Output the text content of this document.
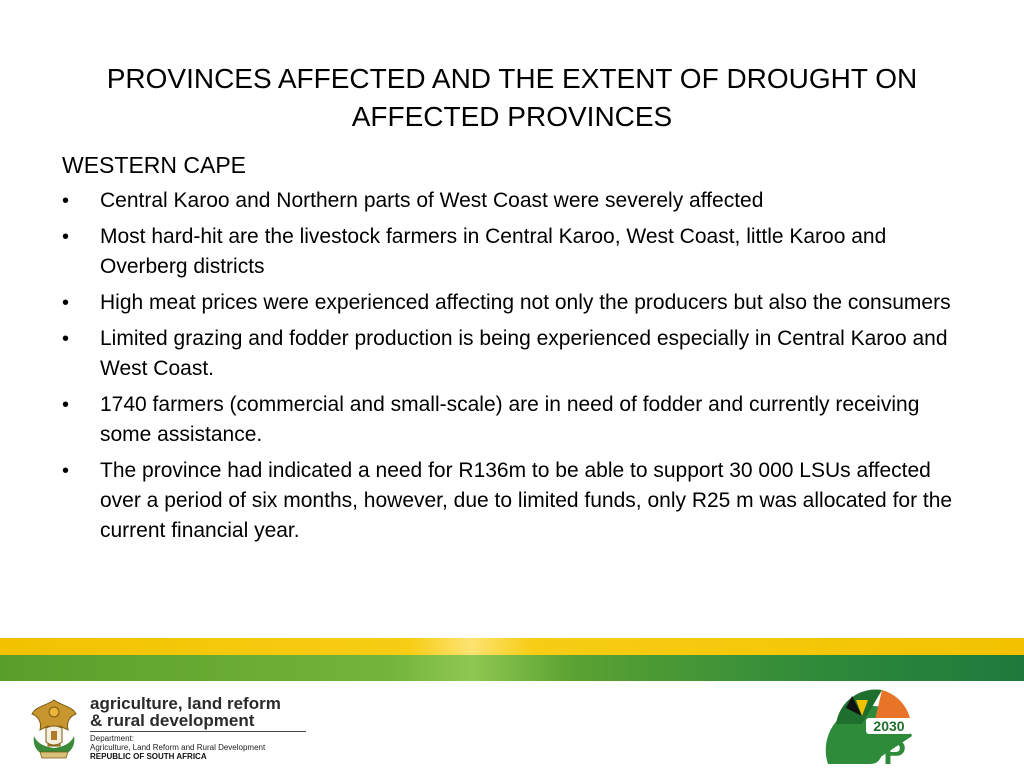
PROVINCES AFFECTED AND THE EXTENT OF DROUGHT ON AFFECTED PROVINCES
WESTERN CAPE
• Central Karoo and Northern parts of West Coast were severely affected
• Most hard-hit are the livestock farmers in Central Karoo, West Coast, little Karoo and Overberg districts
• High meat prices were experienced affecting not only the producers but also the consumers
• Limited grazing and fodder production is being experienced especially in Central Karoo and West Coast.
• 1740 farmers (commercial and small-scale) are in need of fodder and currently receiving some assistance.
• The province had indicated a need for R136m to be able to support 30 000 LSUs affected over a period of six months, however, due to limited funds, only R25 m was allocated for the current financial year.
agriculture, land reform
& rural development
Department:
Agriculture, Land Reform and Rural Development
REPUBLIC OF SOUTH AFRICA
2030
NDP
